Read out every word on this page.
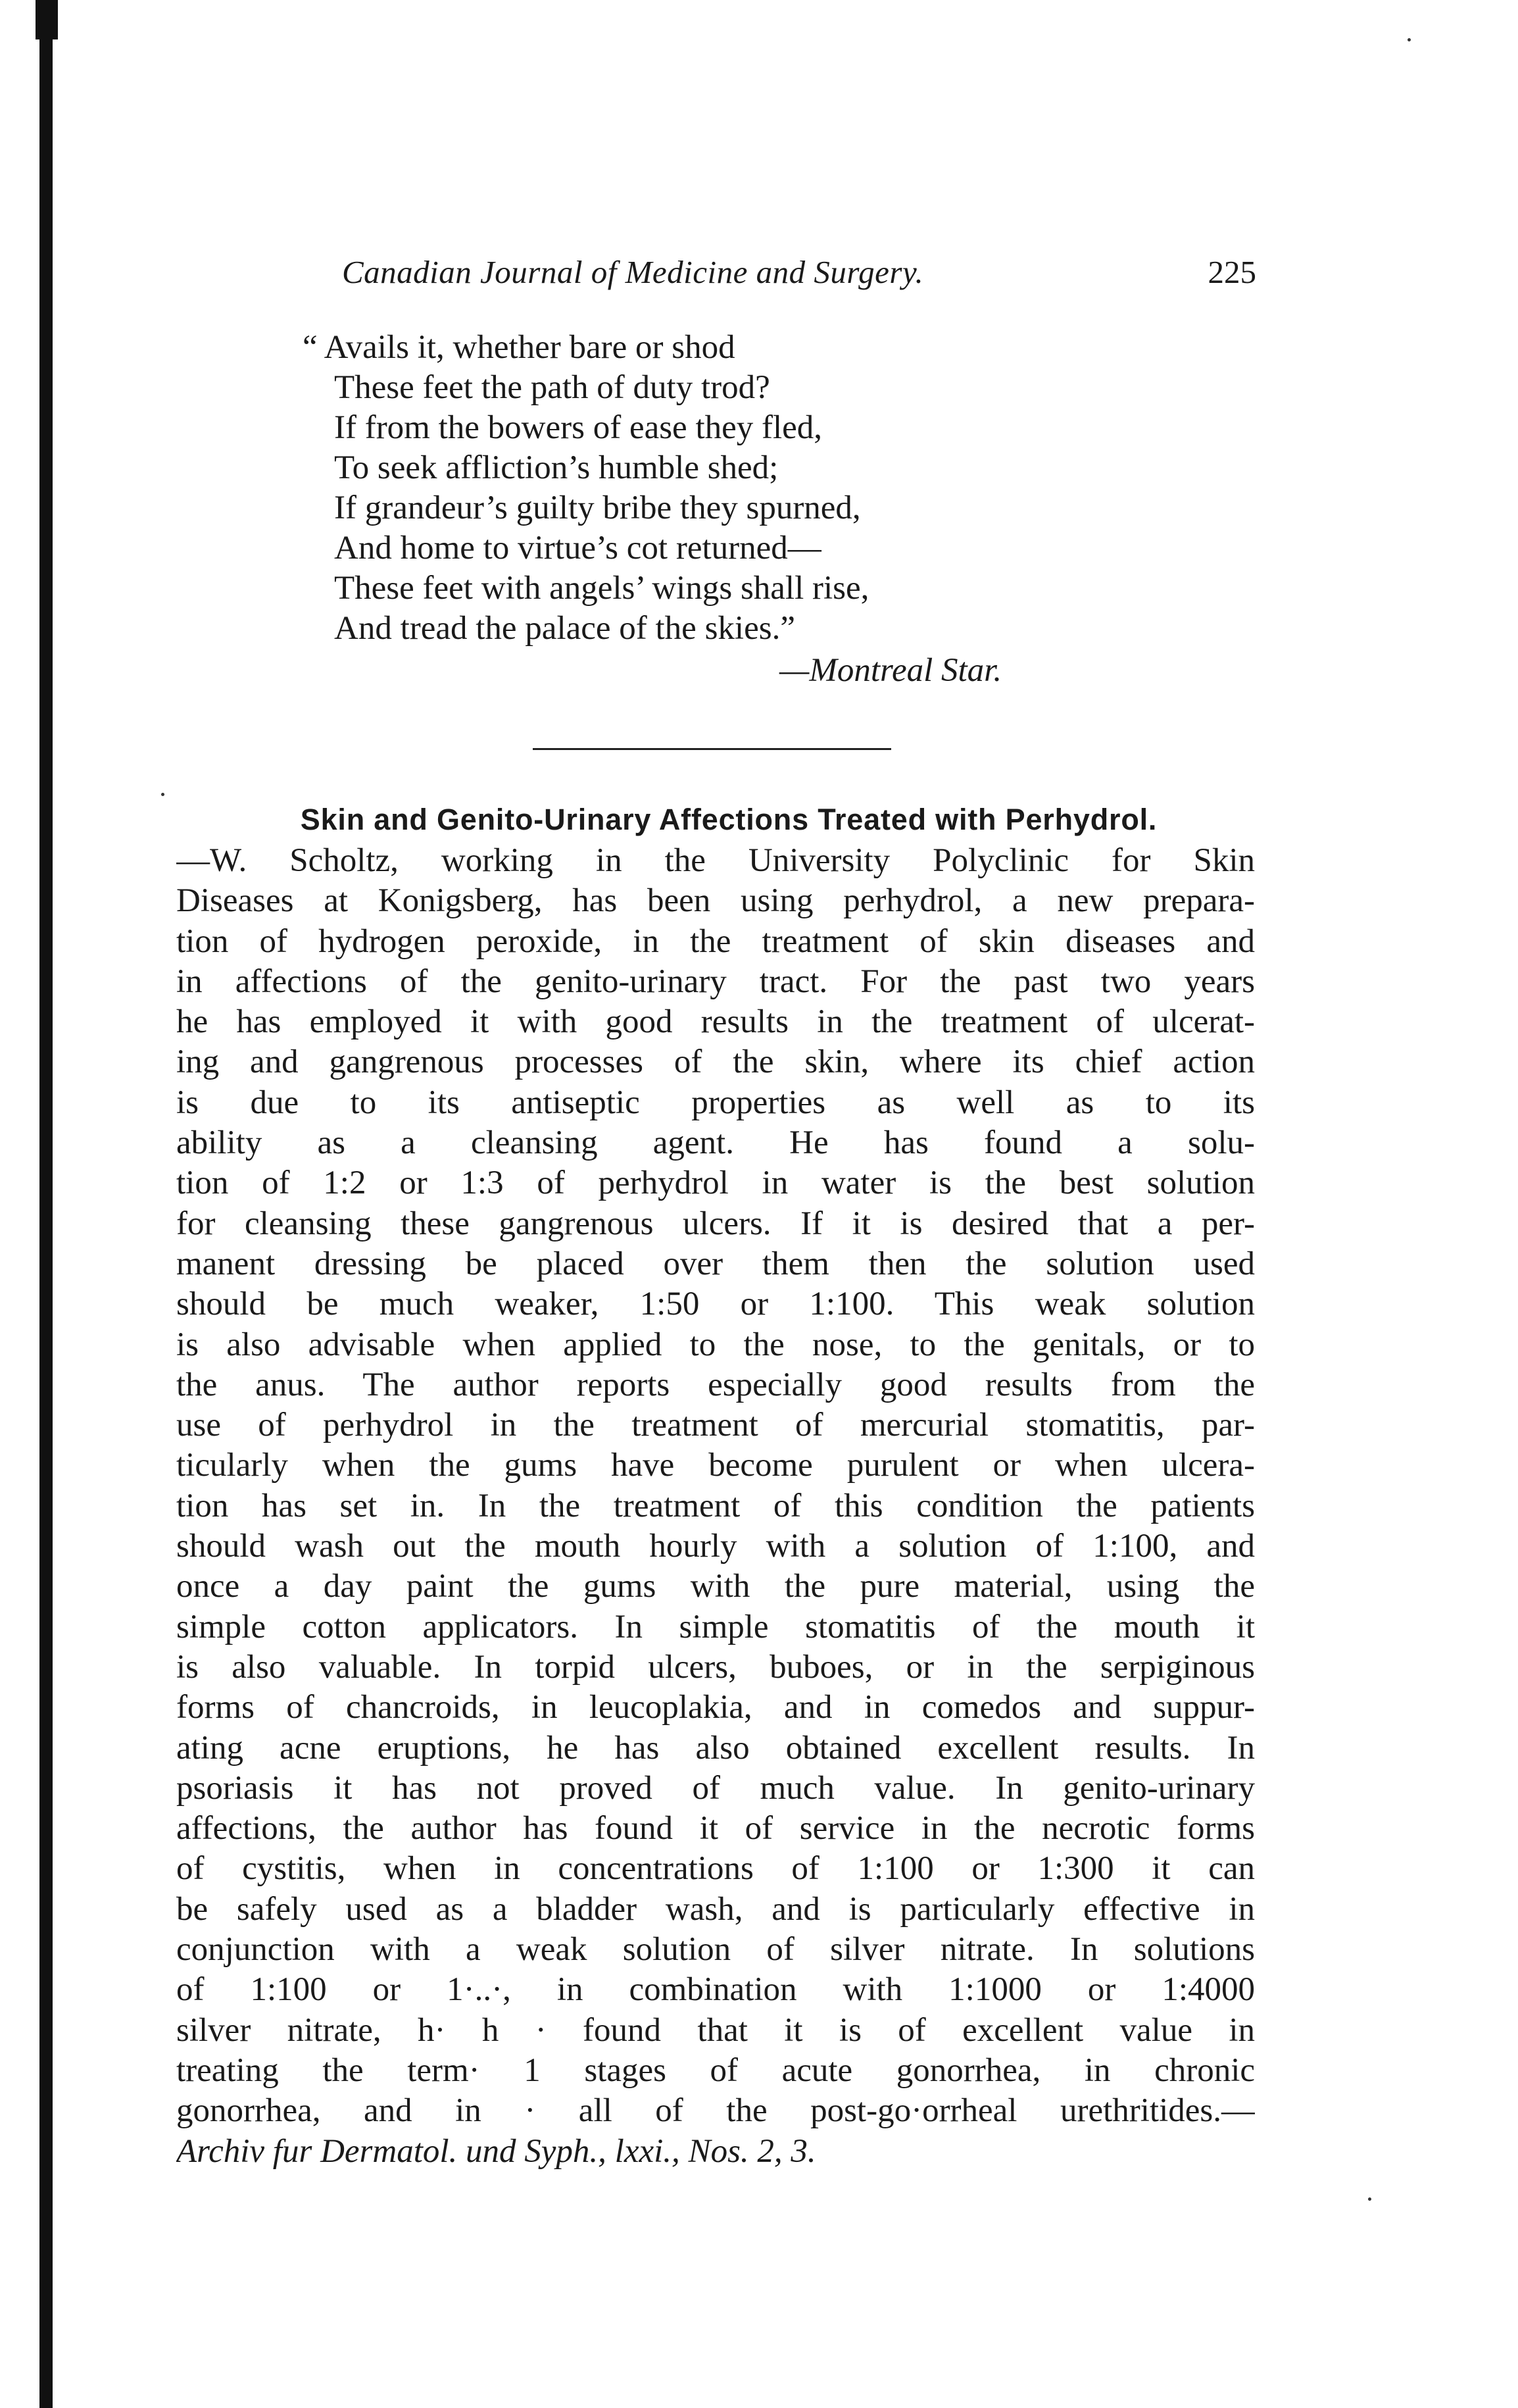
Canadian Journal of Medicine and Surgery.	225
“ Avails it, whether bare or shod
These feet the path of duty trod?
If from the bowers of ease they fled,
To seek affliction’s humble shed;
If grandeur’s guilty bribe they spurned,
And home to virtue’s cot returned—
These feet with angels’ wings shall rise,
And tread the palace of the skies.”
—Montreal Star.
Skin and Genito-Urinary Affections Treated with Perhydrol.
—W. Scholtz, working in the University Polyclinic for Skin
Diseases at Konigsberg, has been using perhydrol, a new prepara-
tion of hydrogen peroxide, in the treatment of skin diseases and
in affections of the genito-urinary tract. For the past two years
he has employed it with good results in the treatment of ulcerat-
ing and gangrenous processes of the skin, where its chief action
is due to its antiseptic properties as well as to its
ability as a cleansing agent. He has found a solu-
tion of 1:2 or 1:3 of perhydrol in water is the best solution
for cleansing these gangrenous ulcers. If it is desired that a per-
manent dressing be placed over them then the solution used
should be much weaker, 1:50 or 1:100. This weak solution
is also advisable when applied to the nose, to the genitals, or to
the anus. The author reports especially good results from the
use of perhydrol in the treatment of mercurial stomatitis, par-
ticularly when the gums have become purulent or when ulcera-
tion has set in. In the treatment of this condition the patients
should wash out the mouth hourly with a solution of 1:100, and
once a day paint the gums with the pure material, using the
simple cotton applicators. In simple stomatitis of the mouth it
is also valuable. In torpid ulcers, buboes, or in the serpiginous
forms of chancroids, in leucoplakia, and in comedos and suppur-
ating acne eruptions, he has also obtained excellent results. In
psoriasis it has not proved of much value. In genito-urinary
affections, the author has found it of service in the necrotic forms
of cystitis, when in concentrations of 1:100 or 1:300 it can
be safely used as a bladder wash, and is particularly effective in
conjunction with a weak solution of silver nitrate. In solutions
of 1:100 or 1·..·, in combination with 1:1000 or 1:4000
silver nitrate, h· h · found that it is of excellent value in
treating the term· 1 stages of acute gonorrhea, in chronic
gonorrhea, and in · all of the post-go·orrheal urethritides.—
Archiv fur Dermatol. und Syph., lxxi., Nos. 2, 3.
